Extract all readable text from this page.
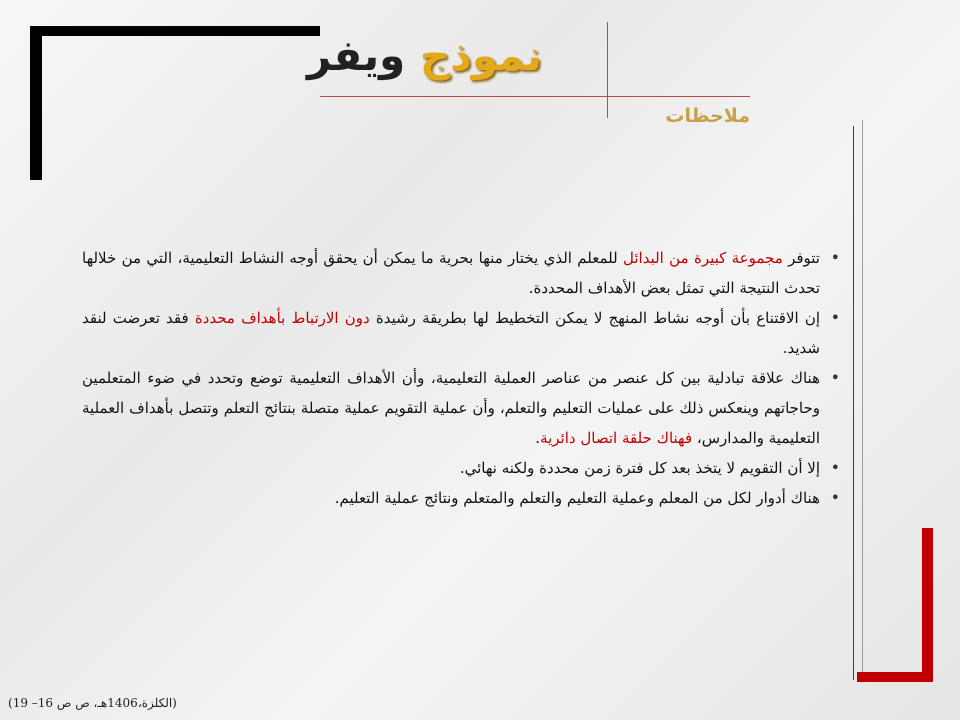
نموذج ويفر
ملاحظات
•
تتوفر مجموعة كبيرة من البدائل للمعلم الذي يختار منها بحرية ما يمكن أن يحقق أوجه النشاط التعليمية، التي من خلالها تحدث النتيجة التي تمثل بعض الأهداف المحددة.
•
إن الاقتناع بأن أوجه نشاط المنهج لا يمكن التخطيط لها بطريقة رشيدة دون الارتباط بأهداف محددة فقد تعرضت لنقد شديد.
•
هناك علاقة تبادلية بين كل عنصر من عناصر العملية التعليمية، وأن الأهداف التعليمية توضع وتحدد في ضوء المتعلمين وحاجاتهم وينعكس ذلك على عمليات التعليم والتعلم، وأن عملية التقويم عملية متصلة بنتائج التعلم وتتصل بأهداف العملية التعليمية والمدارس، فهناك حلقة اتصال دائرية.
•
إلا أن التقويم لا يتخذ بعد كل فترة زمن محددة ولكنه نهائي.
•
هناك أدوار لكل من المعلم وعملية التعليم والتعلم والمتعلم ونتائج عملية التعليم.
(الكلزة،1406هـ، ص ص 16– 19)
